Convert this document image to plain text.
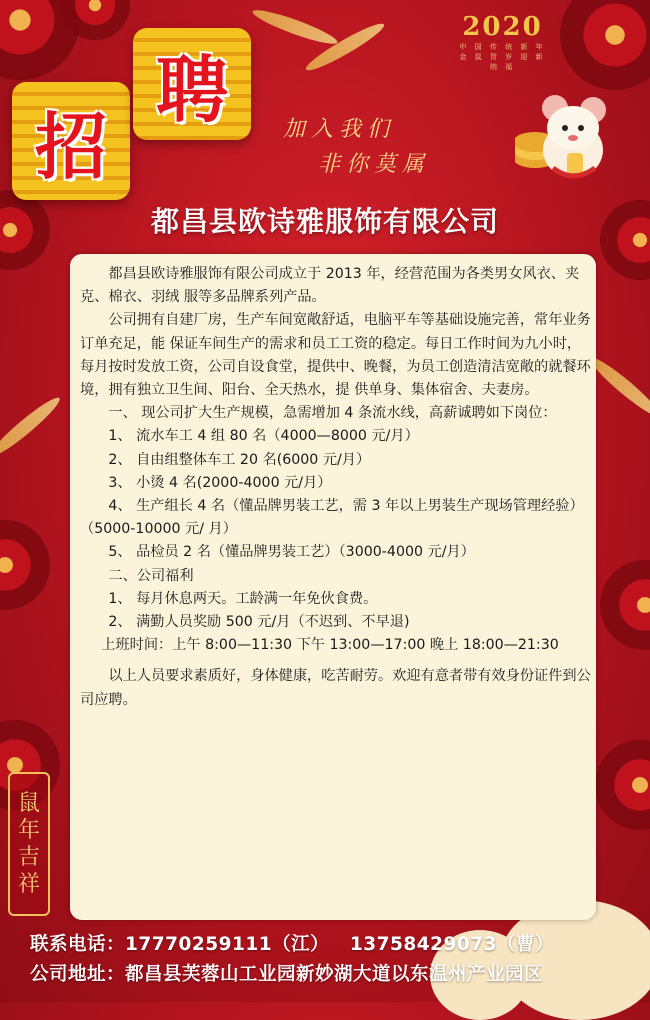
招
聘	加入我们
非你莫属
2020
中 国 传 统 新 年
金 鼠 贺 岁 迎 新 纳 福
都昌县欧诗雅服饰有限公司

都昌县欧诗雅服饰有限公司成立于 2013 年，经营范围为各类男女风衣、夹克、棉衣、羽绒 服等多品牌系列产品。

公司拥有自建厂房，生产车间宽敞舒适，电脑平车等基础设施完善，常年业务订单充足，能 保证车间生产的需求和员工工资的稳定。每日工作时间为九小时，每月按时发放工资，公司自设食堂，提供中、晚餐，为员工创造清洁宽敞的就餐环境，拥有独立卫生间、阳台、全天热水，提 供单身、集体宿舍、夫妻房。

一、 现公司扩大生产规模，急需增加 4 条流水线，高薪诚聘如下岗位：

1、 流水车工 4 组 80 名（4000—8000 元/月）

2、 自由组整体车工 20 名(6000 元/月）

3、 小烫 4 名(2000-4000 元/月）

4、 生产组长 4 名（懂品牌男装工艺，需 3 年以上男装生产现场管理经验）（5000-10000 元/ 月）

5、 品检员 2 名（懂品牌男装工艺）（3000-4000 元/月）

二、公司福利

1、 每月休息两天。工龄满一年免伙食费。

2、 满勤人员奖励 500 元/月（不迟到、不早退)

上班时间：上午 8:00—11:30 下午 13:00—17:00 晚上 18:00—21:30

以上人员要求素质好，身体健康，吃苦耐劳。欢迎有意者带有效身份证件到公司应聘。

鼠
年
吉
祥
联系电话：17770259111（江）   13758429073（曹）
公司地址：都昌县芙蓉山工业园新妙湖大道以东温州产业园区
